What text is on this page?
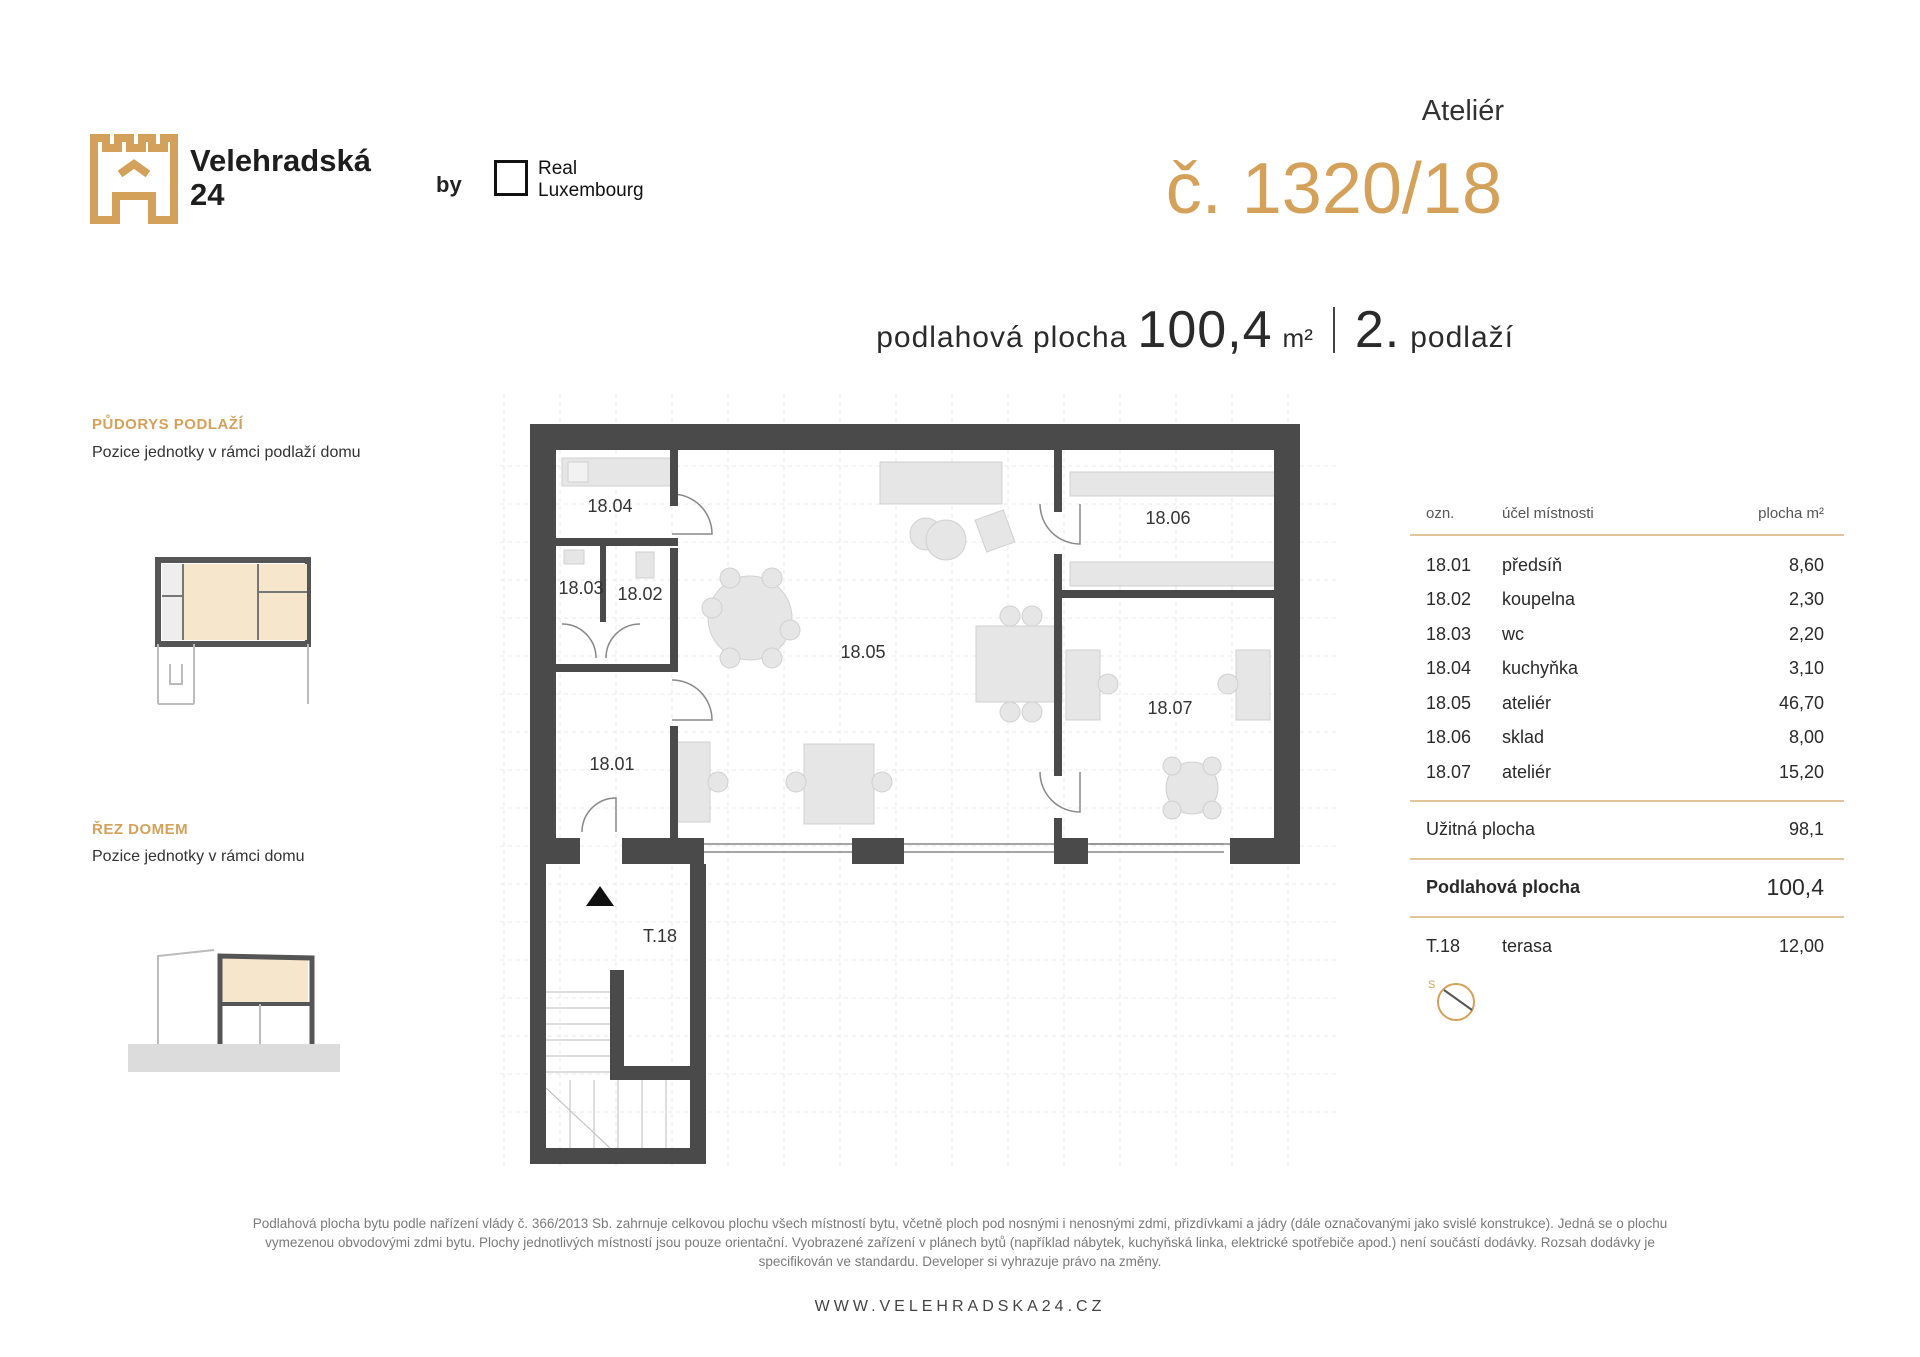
Velehradská
24	by
Real
Luxembourg
Ateliér
č. 1320/18
podlahová plocha 100,4 m² 2. podlaží
PŮDORYS PODLAŽÍ
Pozice jednotky v rámci podlaží domu
ŘEZ DOMEM
Pozice jednotky v rámci domu
18.04
18.03 18.02
18.05
18.06
18.07
18.01
T.18
ozn.	účel místnosti	plocha m²
18.01	předsíň	8,60
18.02	koupelna	2,30
18.03	wc	2,20
18.04	kuchyňka	3,10
18.05	ateliér	46,70
18.06	sklad	8,00
18.07	ateliér	15,20
Užitná plocha	98,1
Podlahová plocha	100,4
T.18	terasa	12,00
S
Podlahová plocha bytu podle nařízení vlády č. 366/2013 Sb. zahrnuje celkovou plochu všech místností bytu, včetně ploch pod nosnými i nenosnými zdmi, přizdívkami a jádry (dále označovanými jako svislé konstrukce). Jedná se o plochu
vymezenou obvodovými zdmi bytu. Plochy jednotlivých místností jsou pouze orientační. Vyobrazené zařízení v plánech bytů (například nábytek, kuchyňská linka, elektrické spotřebiče apod.) není součástí dodávky. Rozsah dodávky je
specifikován ve standardu. Developer si vyhrazuje právo na změny.
WWW.VELEHRADSKA24.CZ
